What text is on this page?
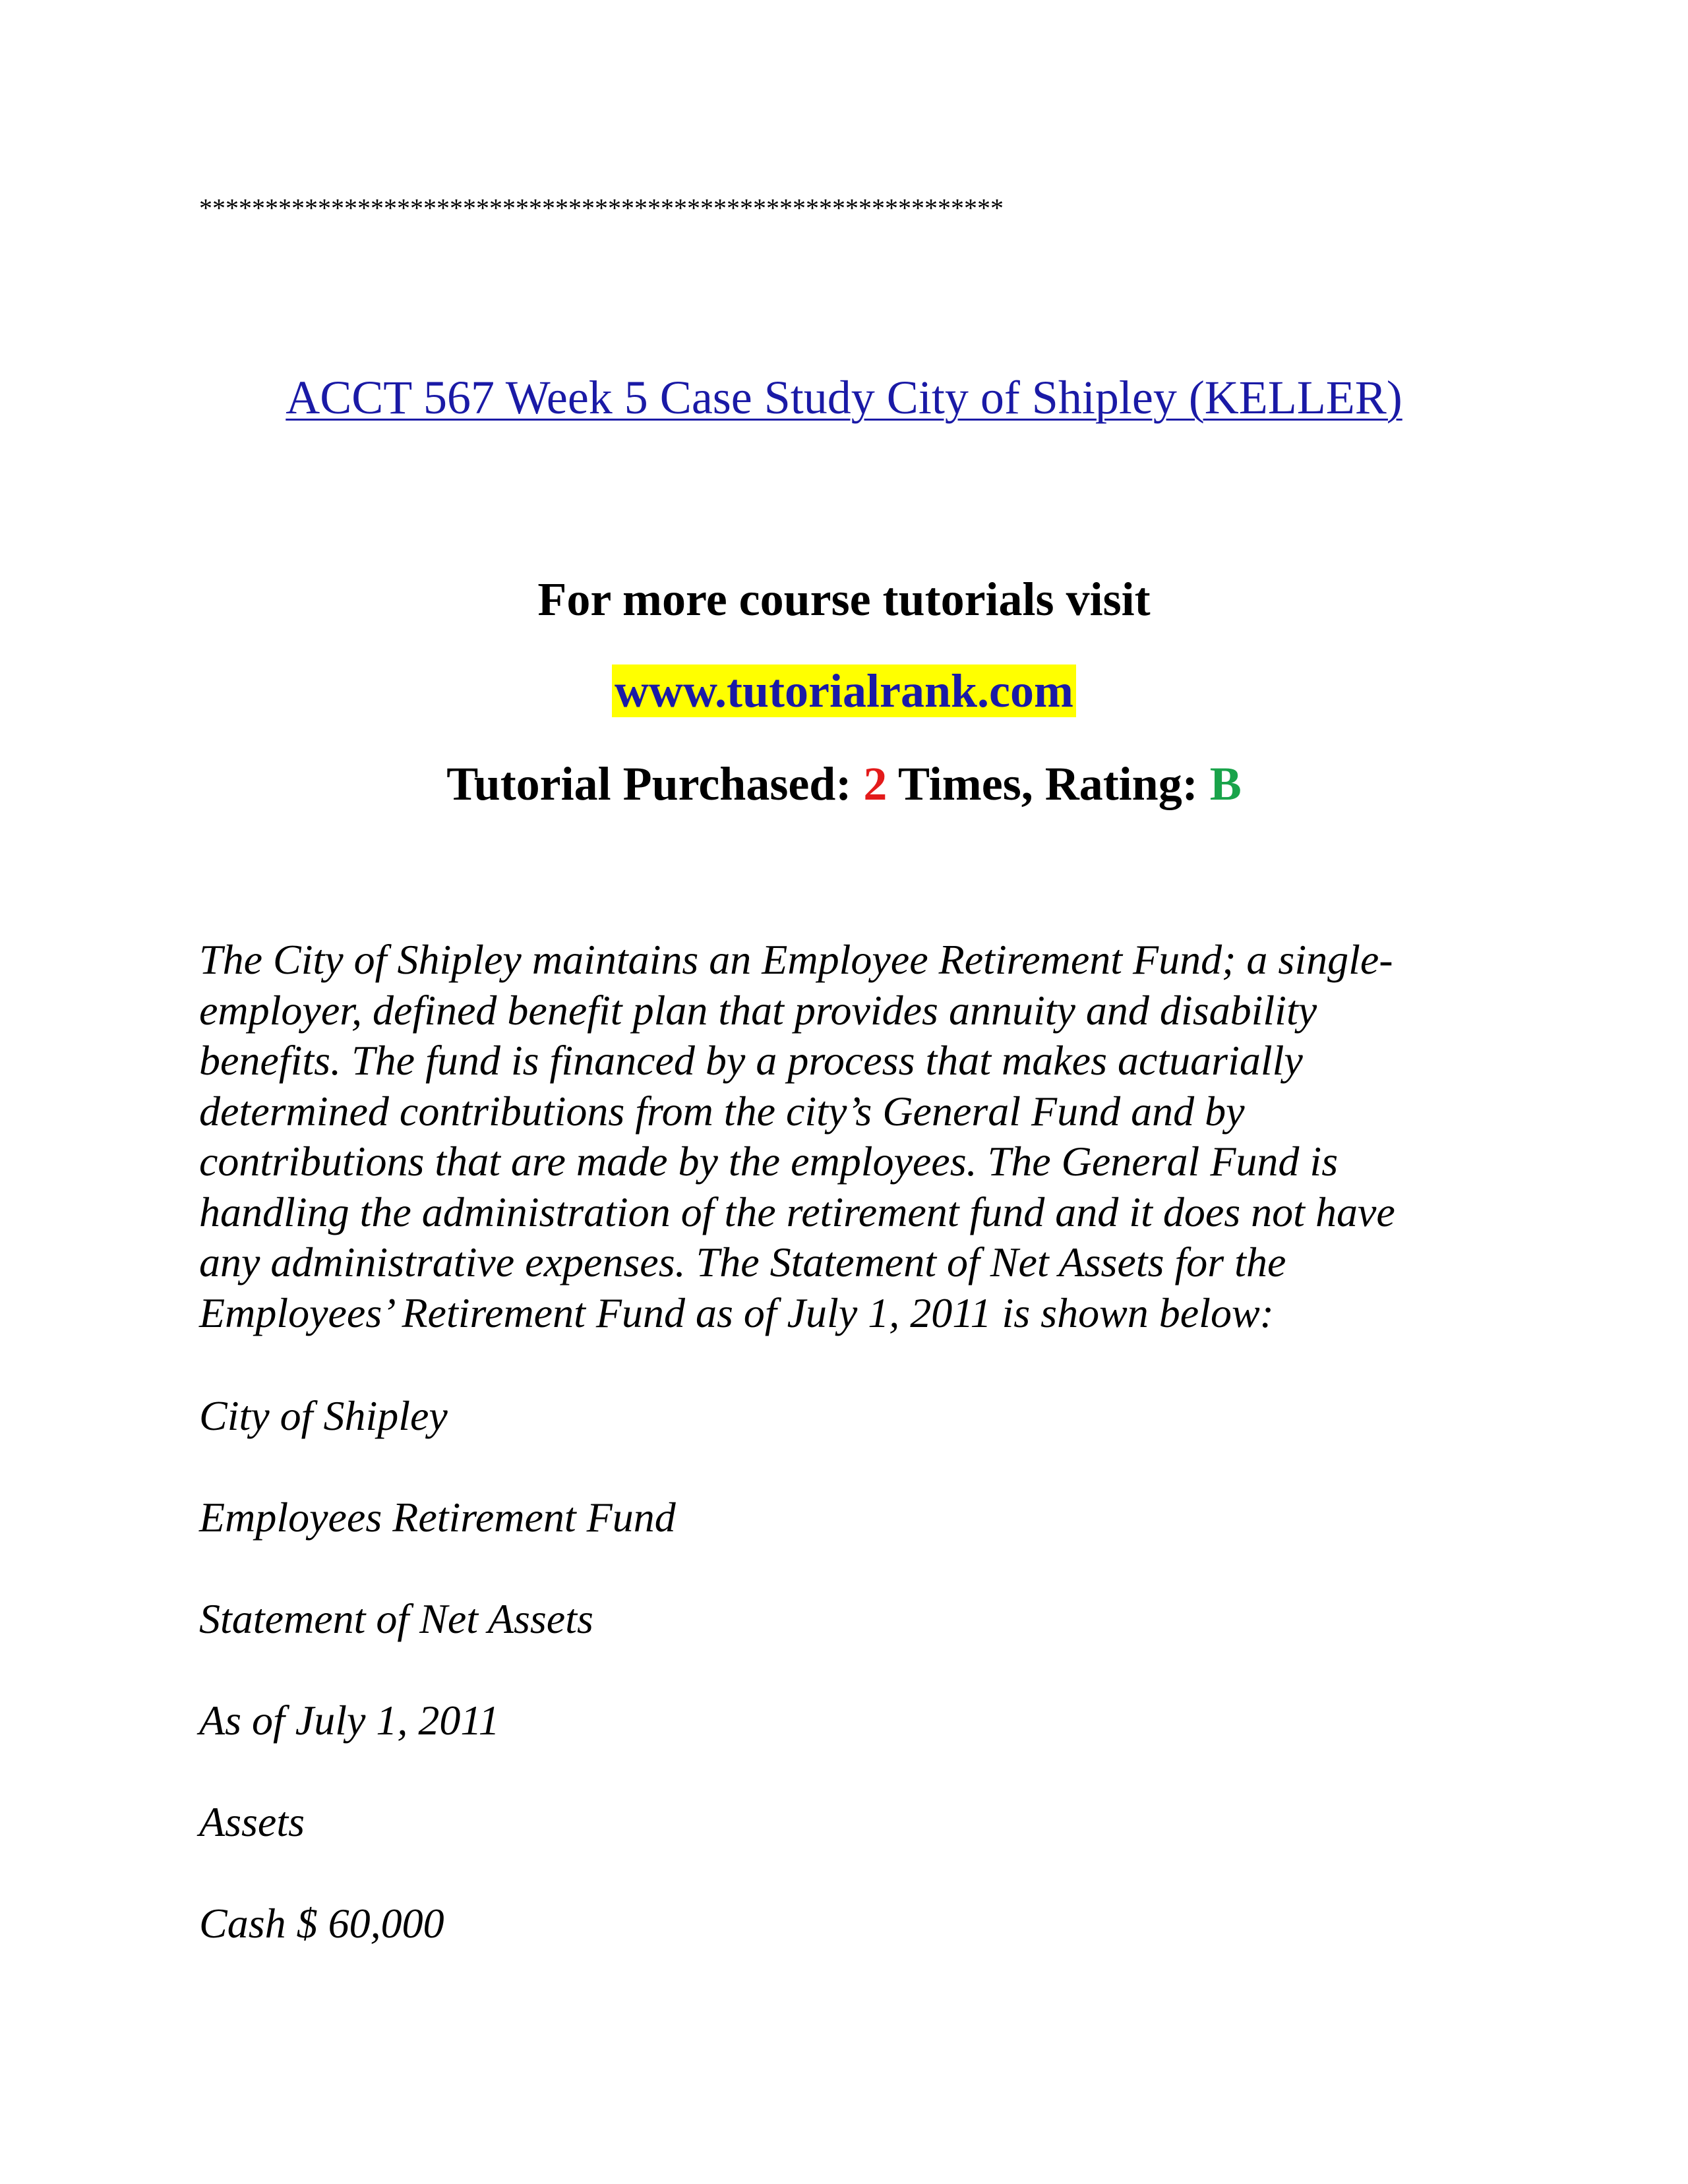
*************************************************************
ACCT 567 Week 5 Case Study City of Shipley (KELLER)
For more course tutorials visit
www.tutorialrank.com
Tutorial Purchased: 2 Times, Rating: B
The City of Shipley maintains an Employee Retirement Fund; a single-
employer, defined benefit plan that provides annuity and disability
benefits. The fund is financed by a process that makes actuarially
determined contributions from the city’s General Fund and by
contributions that are made by the employees. The General Fund is
handling the administration of the retirement fund and it does not have
any administrative expenses. The Statement of Net Assets for the
Employees’ Retirement Fund as of July 1, 2011 is shown below:
City of Shipley
Employees Retirement Fund
Statement of Net Assets
As of July 1, 2011
Assets
Cash $ 60,000
